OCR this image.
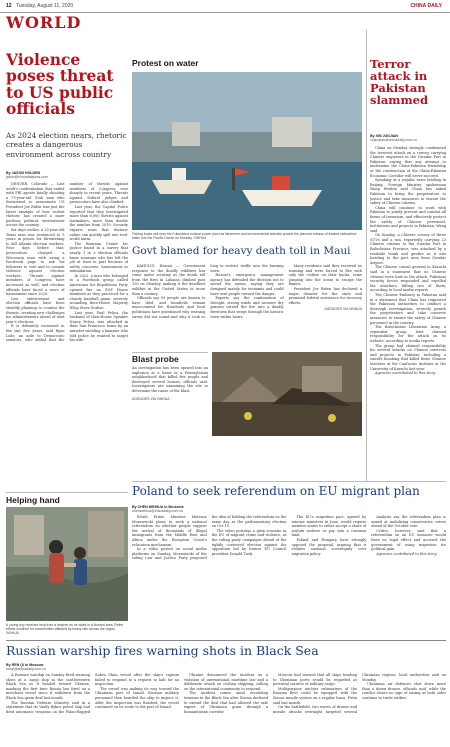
12 Tuesday, August 11, 2020	CHINA DAILY
WORLD
Violence poses threat to US public officials
As 2024 election nears, rhetoric creates a dangerous environment across country
By JASON HOLDEN
jason@chinadailyusa.com

DENVER, Colorado — Last week's confrontation that ended with FBI agents fatally shooting a 75-year-old Utah man who threatened to assassinate US President Joe Biden was just the latest example of how violent rhetoric has created a more perilous political environment across the country.

Six days earlier, a 25-year-old Texas man was sentenced to 5 years in prison for threatening to kill Atlanta election workers. Four days before that, prosecutors charged a Wisconsin man with using a Facebook page to ask his followers to vote and to commit violence against election workers. Threats against members of Congress have increased as well, and election officials have faced a wave of harassment since 2020.

Law enforcement and election officials have been steadily planning to counter the threats, creating new challenges for administrators ahead of next year's elections.

It is definitely increased in the last five years, said Ryan Lisle, an aide to Democratic senators, who added that the number of threats against members of Congress rose sharply in recent years. Threats against federal judges and prosecutors have also climbed.

Last year, the Capitol Police reported that they investigated more than 8,000 threats against lawmakers, more than double the number from 2019. Security experts warn that rhetoric online can quickly spill into real-world harm.

The Brennan Center for Justice found in a survey that nearly 1 in 3 election officials know someone who has left the job at least in part because of safety concerns, harassment or intimidation.

In 2022, a man who belonged to a Facebook group called Americans for Republican Party opened fire on GOP House members as they practiced for a charity baseball game, severely wounding then-House Majority Whip Steve Scalise.

Last year, Paul Pelosi, the husband of then-House Speaker Nancy Pelosi, was attacked in their San Francisco home by an intruder wielding a hammer who told police he wanted to target his wife.

Helping hand
A young boy receives help from a teacher as he waits in a flooded area. Relief efforts continue for communities affected by heavy rain across the region. XINHUA
Protest on water
Fishing boats sail near the Fukushima nuclear power plant as fishermen and environmental activists protest the planned release of treated radioactive water into the Pacific Ocean on Monday. XINHUA
Terror attack in Pakistan slammed
By XIN JUNJIAN
xinjunjian@chinadaily.com.cn

China on Monday strongly condemned the terrorist attack on a convoy carrying Chinese engineers in the Gwadar Port in Pakistan, saying that any attempt to undermine the China-Pakistan friendship or the construction of the China-Pakistan Economic Corridor will never succeed.

Speaking at a regular news briefing in Beijing, Foreign Ministry spokesman Wang Wenbin said China has asked Pakistan to bring the perpetrators to justice and take measures to ensure the safety of Chinese citizens.

China will continue to work with Pakistan to jointly prevent and combat all forms of terrorism, and effectively protect the safety of Chinese personnel, institutions and projects in Pakistan, Wang said.

On Sunday, a Chinese convoy of three SUVs and a van, reportedly carrying 23 Chinese citizens to the Gwadar Port in Balochistan Province, was attacked by a roadside bomb and gunfire as it was heading to the port area from Gwadar Airport.

The Chinese consul general in Karachi said in a statement that no Chinese citizens were hurt in the attack. Pakistani security forces responded and repelled the attackers, killing two of them, according to local media reports.

The Chinese Embassy in Pakistan said in a statement that China has requested the Pakistani authorities to conduct a thorough investigation, severely punish the perpetrators and take concrete measures to ensure the safety of Chinese personnel in the country.

The Balochistan Liberation Army, a separatist group, later claimed responsibility for the attack on its website, according to media reports.

The group had claimed responsibility for several attacks on Chinese interests and projects in Pakistan, including a suicide bombing that killed three Chinese teachers at the Confucius Institute at the University of Karachi last year.

Agencies contributed to this story.

Govt blamed for heavy death toll in Maui

KAHULUI, Hawaii — Government response to the deadly wildfires has come under scrutiny as the death toll from the fires in Lahaina climbed past 100 on Monday, making it the deadliest wildfire in the United States in more than a century.

Officials say 99 people are known to have died, and hundreds remain unaccounted for. Residents and local politicians have questioned why warning sirens did not sound and why it took so long to restrict traffic into the burning town.

Hawaii's emergency management agency has defended the decision not to sound the sirens, saying they are designed mainly for tsunamis and could have sent people toward the danger.

Experts say the combination of drought, strong winds and invasive dry grasses turned the fire into a deadly firestorm that swept through the historic town within hours.

Many residents said they received no warning and were forced to flee with only the clothes on their backs, some jumping into the ocean to escape the flames.

President Joe Biden has declared a major disaster for the state and promised federal assistance for recovery efforts.

AGENCIES VIA XINHUA
Blast probe

An investigation has been opened into an explosion at a home in a Pennsylvania neighborhood that killed five people and destroyed several houses, officials said. Investigators are examining the site to determine the cause of the blast.

AGENCIES VIA XINHUA
Poland to seek referendum on EU migrant plan
By CHEN WEIHUA in Brussels
chenweihua@chinadaily.com.cn

Polish Prime Minister Mateusz Morawiecki plans to seek a national referendum on whether people support the arrival of thousands of illegal immigrants from the Middle East and Africa under the European Union's relocation mechanism.

In a video posted on social media platforms on Sunday, Morawiecki of the ruling Law and Justice Party proposed the idea of holding the referendum on the same day as the parliamentary election on Oct 15.

The video portrays a grim scenario in the EU of migrant crime and violence, as the ruling party campaigns ahead of the tightly contested election against the opposition led by former EU Council president Donald Tusk.

The EU's migration pact, agreed by interior ministers in June, would require member states to either accept a share of asylum seekers or pay into a common fund.

Poland and Hungary have strongly opposed the proposal, arguing that it violates national sovereignty over migration policy.

Analysts say the referendum plan is aimed at mobilizing conservative voters ahead of the October vote.

Critics, however, said that a referendum on an EU measure would have no legal effect and accused the government of using migration for political gain.

Agencies contributed to this story.

Russian warship fires warning shots in Black Sea
By REN QI in Moscow
renqi@chinadaily.com.cn

A Russian warship on Sunday fired warning shots at a cargo ship in the southwestern Black Sea as it headed toward Ukraine, marking the first time Russia has fired on a merchant vessel since it withdrew from the Black Sea grain deal last month.

The Russian Defense Ministry said in a statement that its Vasily Bykov patrol ship had fired automatic weapons on the Palau-flagged Sukru Okan vessel after the ship's captain failed to respond to a request to halt for an inspection.

The vessel was making its way toward the Ukrainian port of Izmail. Russian military personnel then boarded the ship to inspect it. After the inspection was finished, the vessel continued on its route to the port of Izmail.

Ukraine denounced the incident as a violation of international maritime law and a deliberate attack on civilian shipping, calling on the international community to respond.

The incident comes amid escalating tensions in the Black Sea after Russia declined to extend the deal that had allowed the safe export of Ukrainian grain through a humanitarian corridor.

Moscow had warned that all ships heading to Ukrainian ports would be regarded as potential carriers of military cargo.

Multipurpose nuclear submarines of the Russian fleet could be equipped with the Zircon missile system on a regular basis, Putin said last month.

On the battlefield, two waves of drones and missile attacks overnight targeted several Ukrainian regions, local authorities said on Monday.

Ukrainian air defenses shot down more than a dozen drones, officials said, while the conflict shows no sign of easing as both sides continue to trade strikes.
